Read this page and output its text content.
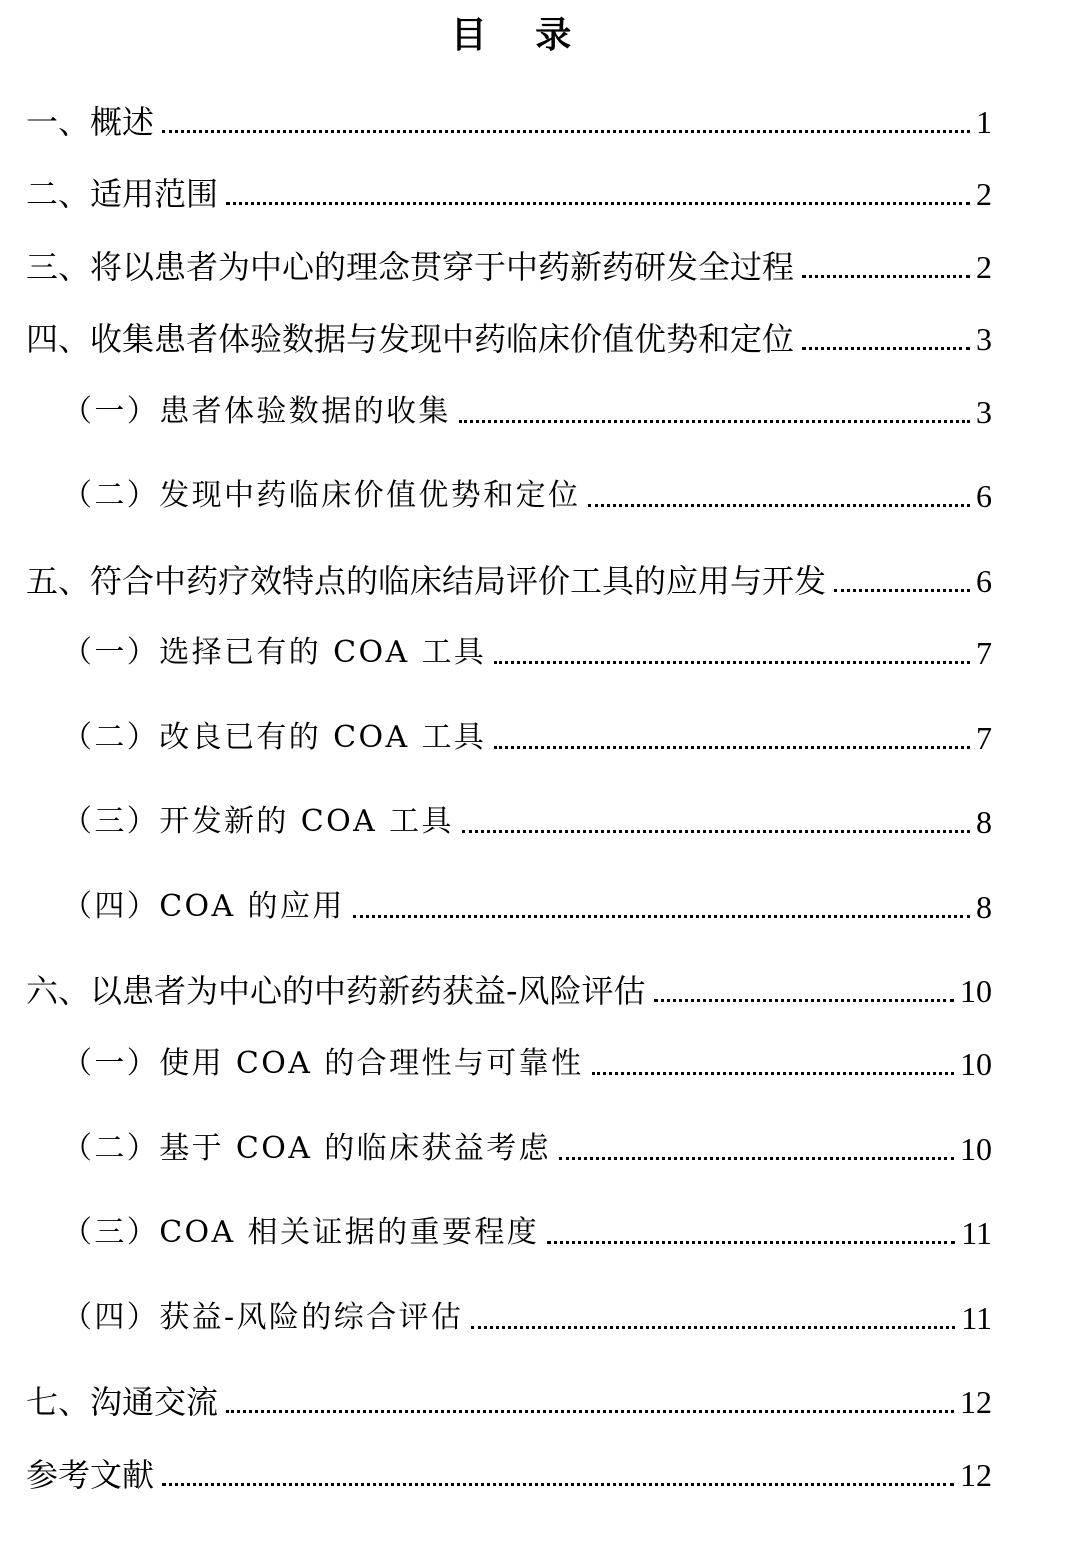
目 录
一、概述	1
二、适用范围	2
三、将以患者为中心的理念贯穿于中药新药研发全过程	2
四、收集患者体验数据与发现中药临床价值优势和定位	3
（一）患者体验数据的收集	3
（二）发现中药临床价值优势和定位	6
五、符合中药疗效特点的临床结局评价工具的应用与开发	6
（一）选择已有的 COA 工具	7
（二）改良已有的 COA 工具	7
（三）开发新的 COA 工具	8
（四）COA 的应用	8
六、以患者为中心的中药新药获益-风险评估	10
（一）使用 COA 的合理性与可靠性	10
（二）基于 COA 的临床获益考虑	10
（三）COA 相关证据的重要程度	11
（四）获益-风险的综合评估	11
七、沟通交流	12
参考文献	12
